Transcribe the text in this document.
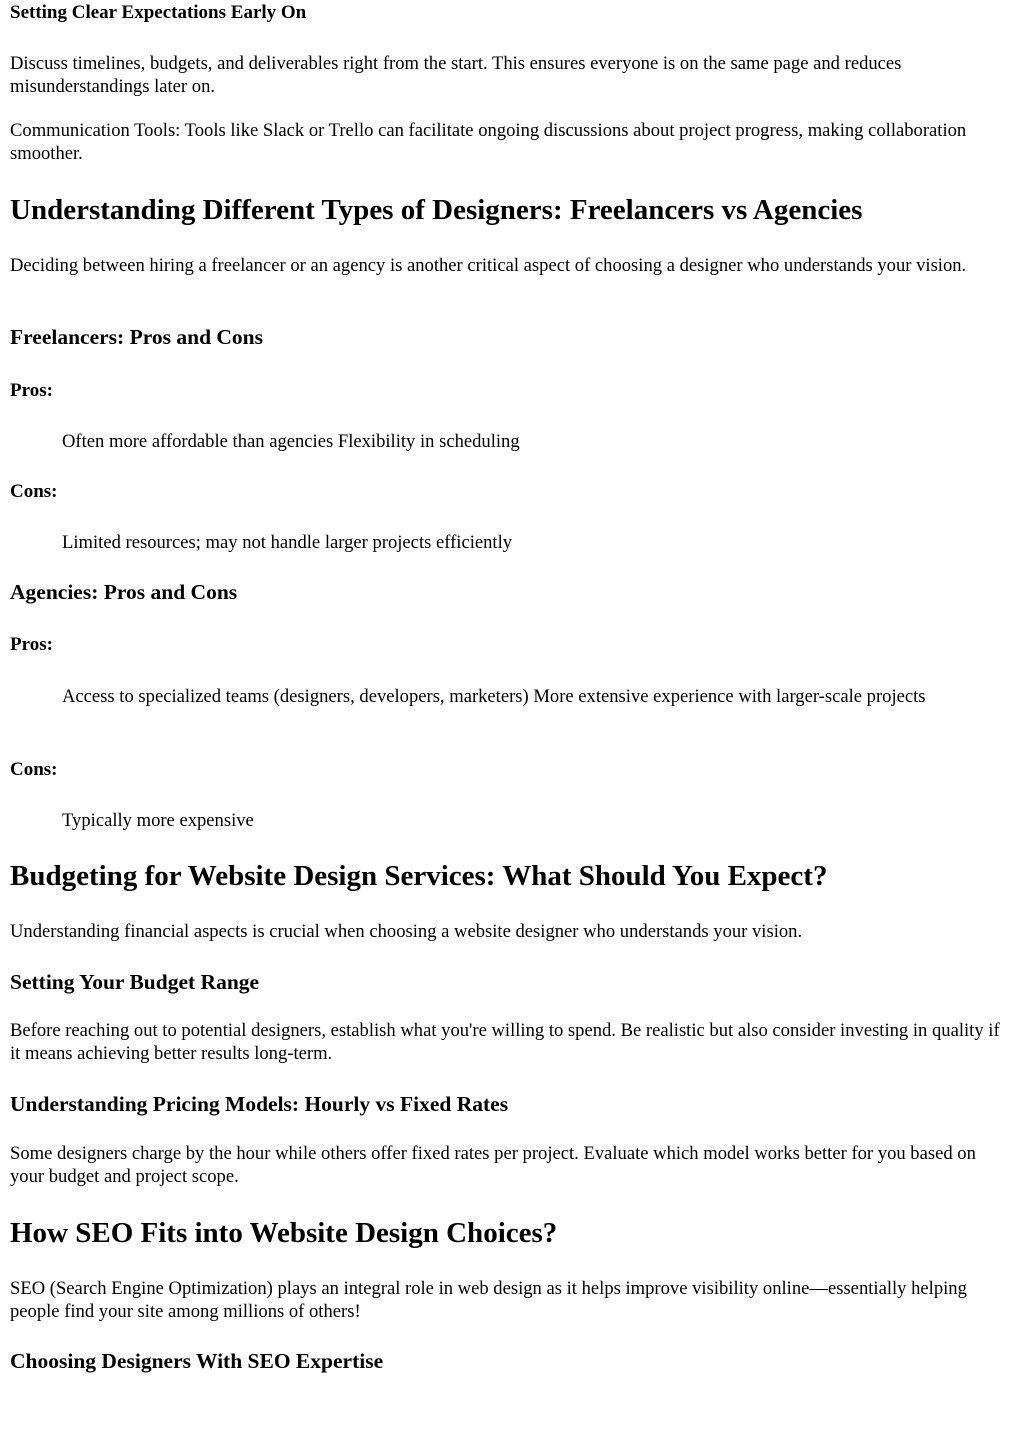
Setting Clear Expectations Early On

Discuss timelines, budgets, and deliverables right from the start. This ensures everyone is on the same page and reduces misunderstandings later on.

Communication Tools: Tools like Slack or Trello can facilitate ongoing discussions about project progress, making collaboration smoother.

Understanding Different Types of Designers: Freelancers vs Agencies

Deciding between hiring a freelancer or an agency is another critical aspect of choosing a designer who understands your vision.

Freelancers: Pros and Cons
Pros:

Often more affordable than agencies Flexibility in scheduling

Cons:

Limited resources; may not handle larger projects efficiently

Agencies: Pros and Cons
Pros:

Access to specialized teams (designers, developers, marketers) More extensive experience with larger-scale projects

Cons:

Typically more expensive

Budgeting for Website Design Services: What Should You Expect?

Understanding financial aspects is crucial when choosing a website designer who understands your vision.

Setting Your Budget Range

Before reaching out to potential designers, establish what you're willing to spend. Be realistic but also consider investing in quality if it means achieving better results long-term.

Understanding Pricing Models: Hourly vs Fixed Rates

Some designers charge by the hour while others offer fixed rates per project. Evaluate which model works better for you based on your budget and project scope.

How SEO Fits into Website Design Choices?

SEO (Search Engine Optimization) plays an integral role in web design as it helps improve visibility online—essentially helping people find your site among millions of others!

Choosing Designers With SEO Expertise
